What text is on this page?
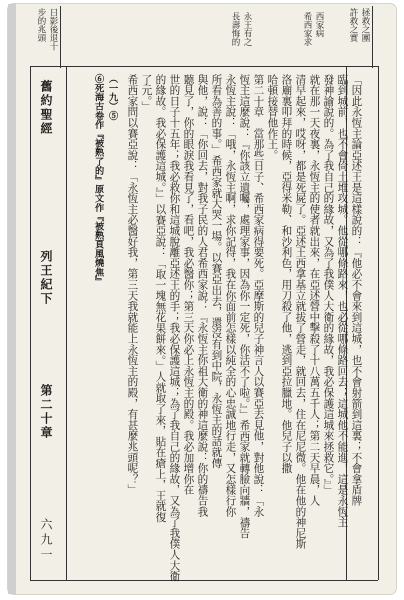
拯救之團
許救之實
西家病
希西家求
永王有之
長壽悔的
日影後退十
步的兆頭
舊約聖經
列王紀下
第二十章
六九一
「因此永恆主論亞述王是這樣說的：『他必不會來到這城，也不會射箭到這裏；不會拿盾牌
臨到城前，也不會倚土堆攻城。他從哪條路來，也必從哪條路回去；這城他不能進，這是永恆主
發神諭說的。為了我自己的緣故，又為了我僕人大衛的緣故，我必保護這城來拯救它。』」
就在那一天夜裏，永恆主的使者就出來，在亞述營中擊殺了十八萬五千人；第二天早晨，人
清早起來，哎呀，都是死屍了。亞述王西拿基立就拔了營走，就回去，住在尼尼微。他在他的神尼斯
洛廟裏叩拜的時候，亞得米勒、和沙利色，用刀殺了他，逃到亞拉臘地。他兒子以撒
哈頓接替他作王。
第二十章　當那些日子、希西家病得要死。亞摩斯的兒子神言人以賽亞去見他，對他說：「永
恆主這麼說：『你該立遺囑，處理家事，因為你一定死，你活不了啦。』」希西家就轉臉向牆，禱告
永恆主說：「哦，永恆主啊，求你記得，我在你面前怎樣以純全的心忠誠地行走，又怎樣行你
所看為善的事。」希西家就大哭一場。以賽亞出去，還沒有到中院，永恆主的話就傳
與他，說：「你回去，對我子民的人君希西家說：『永恆主你祖大衛的神這麼說：你的禱告我
聽見了，你的眼淚我看見了，看吧，我必醫你；第三天你必上永恆主的殿。我必加增你在
世的日子十五年；我必救你和這城脫離亞述王的手；我必保護這城；為了我自己的緣故，又為了我僕人大衛
的緣故。我必保護這城。』」以賽亞說：「取一塊無花果餅來。」人就取了來，貼在瘡上，王就復
了元。」
希西家問以賽亞說：「永恆主必醫好我，第三天我就能上永恆主的殿，有甚麼兆頭呢？」
（一九）⑤
⑥死海古卷作『被熟了的』原文作『被熟頁風燒焦』
